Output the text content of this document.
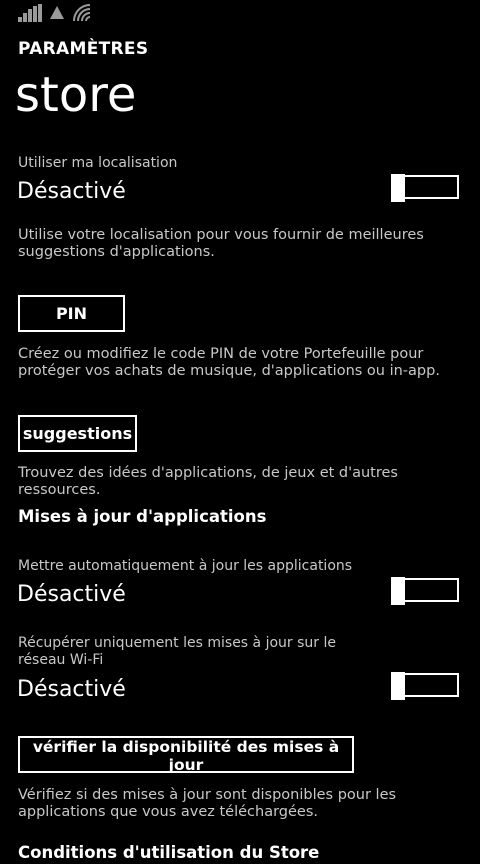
PARAMÈTRES
store
Utiliser ma localisation
Désactivé
Utilise votre localisation pour vous fournir de meilleures
suggestions d'applications.
PIN
Créez ou modifiez le code PIN de votre Portefeuille pour
protéger vos achats de musique, d'applications ou in-app.
suggestions
Trouvez des idées d'applications, de jeux et d'autres ressources.
Mises à jour d'applications
Mettre automatiquement à jour les applications
Désactivé
Récupérer uniquement les mises à jour sur le
réseau Wi-Fi
Désactivé
vérifier la disponibilité des mises à jour
Vérifiez si des mises à jour sont disponibles pour les
applications que vous avez téléchargées.
Conditions d'utilisation du Store
